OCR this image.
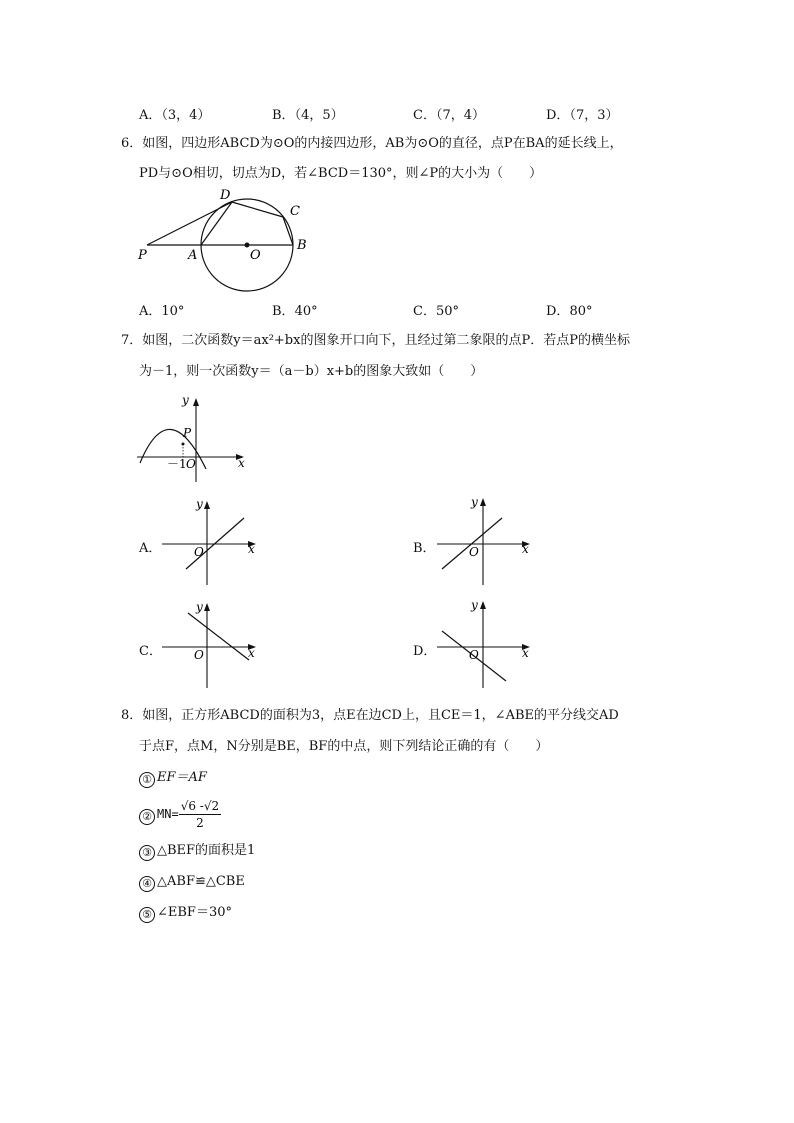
A．（3，4）	B．（4，5）	C．（7，4）	D．（7，3）
6．如图，四边形ABCD为⊙O的内接四边形，AB为⊙O的直径，点P在BA的延长线上，
PD与⊙O相切，切点为D，若∠BCD＝130°，则∠P的大小为（　　）
P	A	O
B
C
D
A．10°	B．40°	C．50°	D．80°
7．如图，二次函数y＝ax²+bx的图象开口向下，且经过第二象限的点P．若点P的横坐标
为－1，则一次函数y＝（a－b）x+b的图象大致如（　　）
y
x
P
－1 O
A．
y
x
O	B．
y
x
O
C．
y
x
O	D．
y
x
O
8．如图，正方形ABCD的面积为3，点E在边CD上，且CE＝1，∠ABE的平分线交AD
于点F，点M，N分别是BE，BF的中点，则下列结论正确的有（　　）
① EF＝AF
② $MN= \frac{√6 -√2}{2}$
③ △BEF的面积是1
④ △ABF≌△CBE
⑤ ∠EBF＝30°
